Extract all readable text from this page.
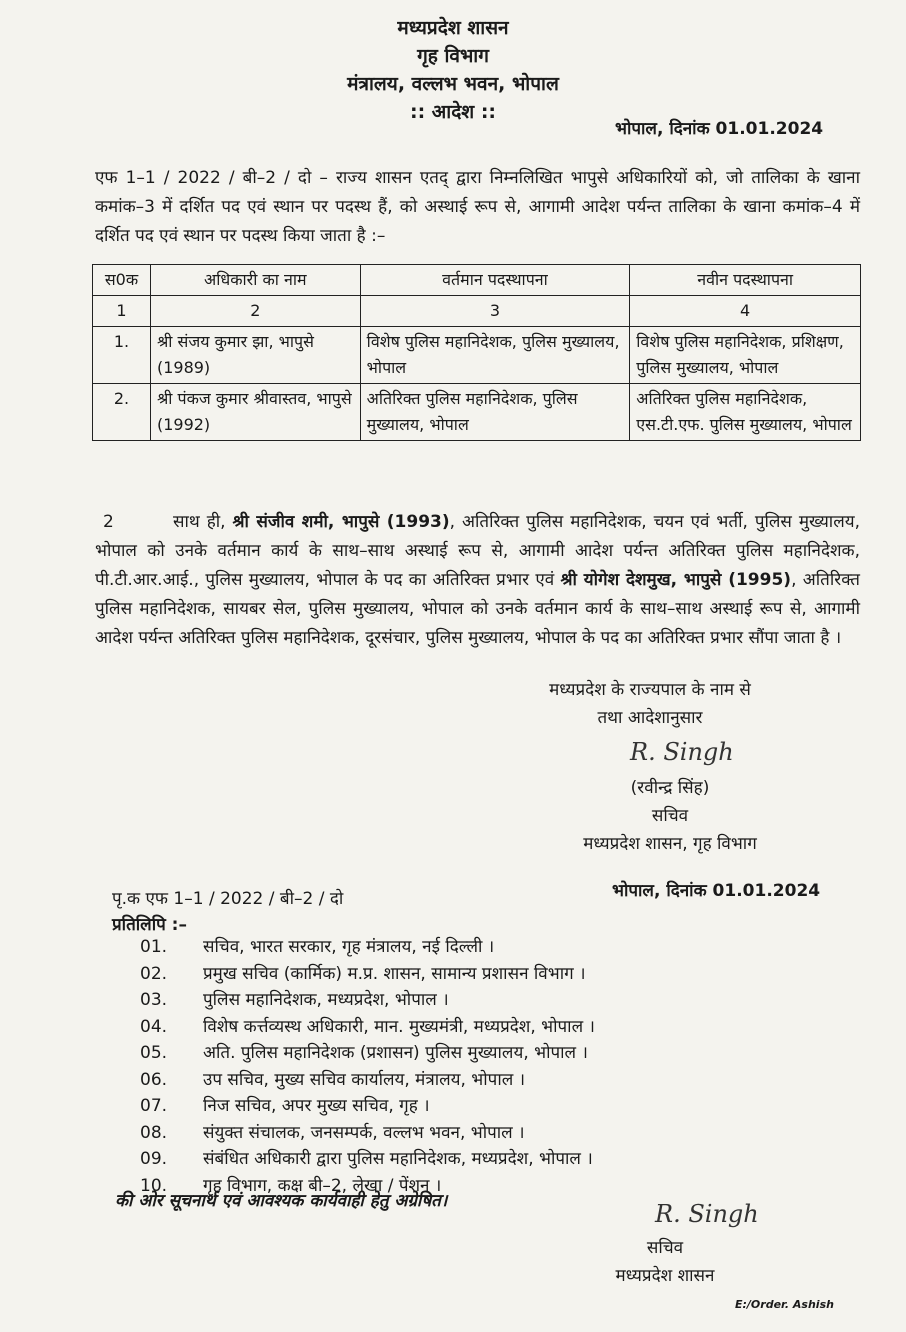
मध्यप्रदेश शासन
गृह विभाग
मंत्रालय, वल्लभ भवन, भोपाल
:: आदेश ::
भोपाल, दिनांक 01.01.2024
एफ 1–1 / 2022 / बी–2 / दो – राज्य शासन एतद् द्वारा निम्नलिखित भापुसे अधिकारियों को, जो तालिका के खाना कमांक–3 में दर्शित पद एवं स्थान पर पदस्थ हैं, को अस्थाई रूप से, आगामी आदेश पर्यन्त तालिका के खाना कमांक–4 में दर्शित पद एवं स्थान पर पदस्थ किया जाता है :–
स0क	अधिकारी का नाम	वर्तमान पदस्थापना	नवीन पदस्थापना
1	2	3	4
1.	श्री संजय कुमार झा, भापुसे (1989)	विशेष पुलिस महानिदेशक, पुलिस मुख्यालय, भोपाल	विशेष पुलिस महानिदेशक, प्रशिक्षण, पुलिस मुख्यालय, भोपाल
2.	श्री पंकज कुमार श्रीवास्तव, भापुसे (1992)	अतिरिक्त पुलिस महानिदेशक, पुलिस मुख्यालय, भोपाल	अतिरिक्त पुलिस महानिदेशक, एस.टी.एफ. पुलिस मुख्यालय, भोपाल
2	साथ ही, श्री संजीव शमी, भापुसे (1993), अतिरिक्त पुलिस महानिदेशक, चयन एवं भर्ती, पुलिस मुख्यालय, भोपाल को उनके वर्तमान कार्य के साथ–साथ अस्थाई रूप से, आगामी आदेश पर्यन्त अतिरिक्त पुलिस महानिदेशक, पी.टी.आर.आई., पुलिस मुख्यालय, भोपाल के पद का अतिरिक्त प्रभार एवं श्री योगेश देशमुख, भापुसे (1995), अतिरिक्त पुलिस महानिदेशक, सायबर सेल, पुलिस मुख्यालय, भोपाल को उनके वर्तमान कार्य के साथ–साथ अस्थाई रूप से, आगामी आदेश पर्यन्त अतिरिक्त पुलिस महानिदेशक, दूरसंचार, पुलिस मुख्यालय, भोपाल के पद का अतिरिक्त प्रभार सौंपा जाता है ।
मध्यप्रदेश के राज्यपाल के नाम से
तथा आदेशानुसार
R. Singh
(रवीन्द्र सिंह)
सचिव
मध्यप्रदेश शासन, गृह विभाग
पृ.क एफ 1–1 / 2022 / बी–2 / दो	भोपाल, दिनांक 01.01.2024
प्रतिलिपि :–
01.	सचिव, भारत सरकार, गृह मंत्रालय, नई दिल्ली ।
02.	प्रमुख सचिव (कार्मिक) म.प्र. शासन, सामान्य प्रशासन विभाग ।
03.	पुलिस महानिदेशक, मध्यप्रदेश, भोपाल ।
04.	विशेष कर्त्तव्यस्थ अधिकारी, मान. मुख्यमंत्री, मध्यप्रदेश, भोपाल ।
05.	अति. पुलिस महानिदेशक (प्रशासन) पुलिस मुख्यालय, भोपाल ।
06.	उप सचिव, मुख्य सचिव कार्यालय, मंत्रालय, भोपाल ।
07.	निज सचिव, अपर मुख्य सचिव, गृह ।
08.	संयुक्त संचालक, जनसम्पर्क, वल्लभ भवन, भोपाल ।
09.	संबंधित अधिकारी द्वारा पुलिस महानिदेशक, मध्यप्रदेश, भोपाल ।
10.	गृह विभाग, कक्ष बी–2, लेखा / पेंशन ।
की ओर सूचनार्थ एवं आवश्यक कार्यवाही हेतु अग्रेषित।	R. Singh
सचिव
मध्यप्रदेश शासन
E:/Order. Ashish
